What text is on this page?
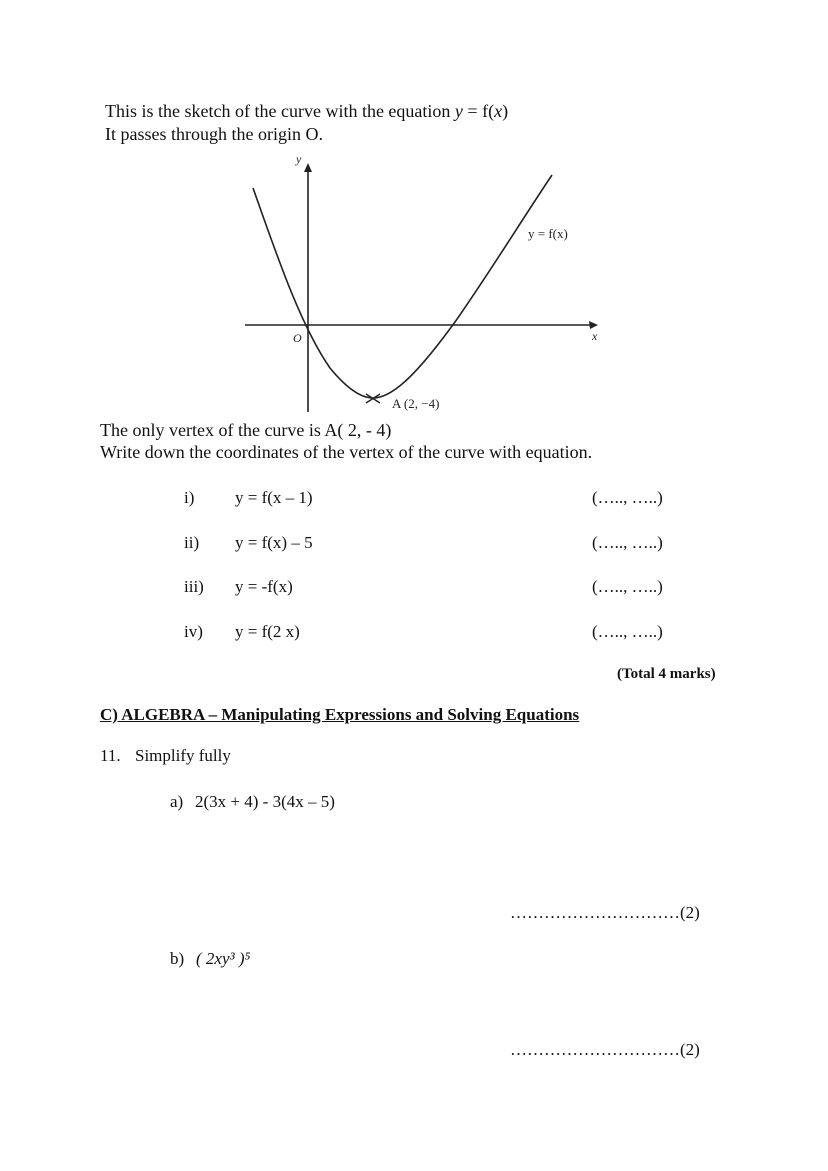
This is the sketch of the curve with the equation y = f(x)
It passes through the origin O.
y
x
O
y = f(x)
A (2, −4)
The only vertex of the curve is A( 2, - 4)
Write down the coordinates of the vertex of the curve with equation.
i) y = f(x – 1)	(….., …..)
ii) y = f(x) – 5	(….., …..)
iii) y = -f(x)	(….., …..)
iv) y = f(2 x)	(….., …..)
(Total 4 marks)
C) ALGEBRA – Manipulating Expressions and Solving Equations
11. Simplify fully
a) 2(3x + 4) - 3(4x – 5)
…………………………(2)
b) ( 2xy³ )⁵
…………………………(2)
